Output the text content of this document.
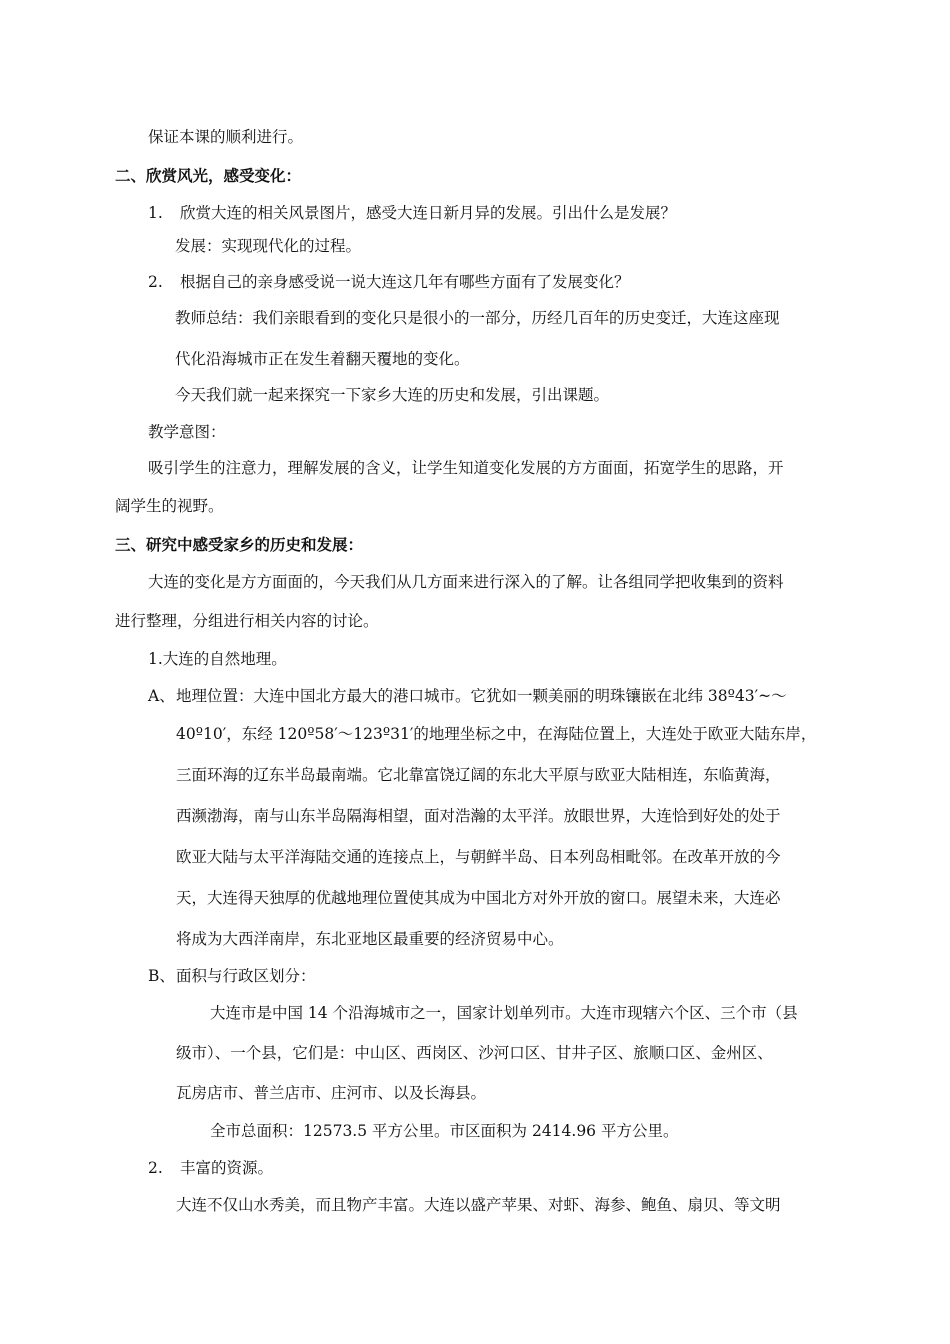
保证本课的顺利进行。
二、欣赏风光，感受变化：
1. 欣赏大连的相关风景图片，感受大连日新月异的发展。引出什么是发展？
发展：实现现代化的过程。
2. 根据自己的亲身感受说一说大连这几年有哪些方面有了发展变化？
教师总结：我们亲眼看到的变化只是很小的一部分，历经几百年的历史变迁，大连这座现
代化沿海城市正在发生着翻天覆地的变化。
今天我们就一起来探究一下家乡大连的历史和发展，引出课题。
教学意图：
吸引学生的注意力，理解发展的含义，让学生知道变化发展的方方面面，拓宽学生的思路，开
阔学生的视野。
三、研究中感受家乡的历史和发展：
大连的变化是方方面面的，今天我们从几方面来进行深入的了解。让各组同学把收集到的资料
进行整理，分组进行相关内容的讨论。
1.大连的自然地理。
A、 地理位置：大连中国北方最大的港口城市。它犹如一颗美丽的明珠镶嵌在北纬 38º43′~～
40º10′，东经 120º58′～123º31′的地理坐标之中，在海陆位置上，大连处于欧亚大陆东岸，
三面环海的辽东半岛最南端。它北靠富饶辽阔的东北大平原与欧亚大陆相连，东临黄海，
西濒渤海，南与山东半岛隔海相望，面对浩瀚的太平洋。放眼世界，大连恰到好处的处于
欧亚大陆与太平洋海陆交通的连接点上，与朝鲜半岛、日本列岛相毗邻。在改革开放的今
天，大连得天独厚的优越地理位置使其成为中国北方对外开放的窗口。展望未来，大连必
将成为大西洋南岸，东北亚地区最重要的经济贸易中心。
B、 面积与行政区划分：
大连市是中国 14 个沿海城市之一，国家计划单列市。大连市现辖六个区、三个市（县
级市）、一个县，它们是：中山区、西岗区、沙河口区、甘井子区、旅顺口区、金州区、
瓦房店市、普兰店市、庄河市、以及长海县。
全市总面积：12573.5 平方公里。市区面积为 2414.96 平方公里。
2. 丰富的资源。
大连不仅山水秀美，而且物产丰富。大连以盛产苹果、对虾、海参、鲍鱼、扇贝、等文明
